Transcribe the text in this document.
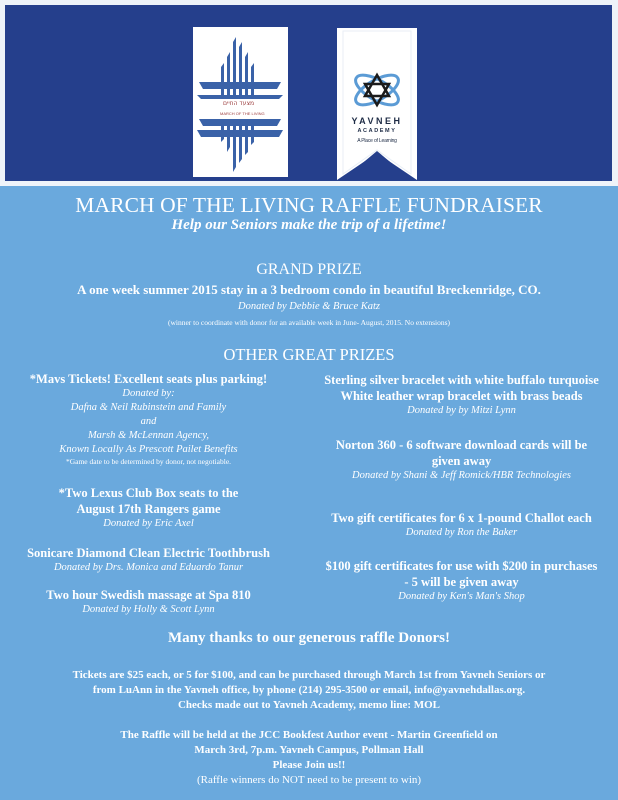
מצעד החיים
MARCH OF THE LIVING
YAVNEH
ACADEMY
A Place of Learning
MARCH OF THE LIVING RAFFLE FUNDRAISER
Help our Seniors make the trip of a lifetime!
GRAND PRIZE
A one week summer 2015 stay in a 3 bedroom condo in beautiful Breckenridge, CO.
Donated by Debbie & Bruce Katz
(winner to coordinate with donor for an available week in June- August, 2015. No extensions)
OTHER GREAT PRIZES
*Mavs Tickets! Excellent seats plus parking!
Donated by:
Dafna & Neil Rubinstein and Family
and
Marsh & McLennan Agency,
Known Locally As Prescott Pailet Benefits
*Game date to be determined by donor, not negotiable.
*Two Lexus Club Box seats to the
August 17th Rangers game
Donated by Eric Axel
Sonicare Diamond Clean Electric Toothbrush
Donated by Drs. Monica and Eduardo Tanur
Two hour Swedish massage at Spa 810
Donated by Holly & Scott Lynn
Sterling silver bracelet with white buffalo turquoise
White leather wrap bracelet with brass beads
Donated by by Mitzi Lynn
Norton 360 - 6 software download cards will be
given away
Donated by Shani & Jeff Romick/HBR Technologies
Two gift certificates for 6 x 1-pound Challot each
Donated by Ron the Baker
$100 gift certificates for use with $200 in purchases
- 5 will be given away
Donated by Ken's Man's Shop
Many thanks to our generous raffle Donors!
Tickets are $25 each, or 5 for $100, and can be purchased through March 1st from Yavneh Seniors or
from LuAnn in the Yavneh office, by phone (214) 295-3500 or email, info@yavnehdallas.org.
Checks made out to Yavneh Academy, memo line: MOL
The Raffle will be held at the JCC Bookfest Author event - Martin Greenfield on
March 3rd, 7p.m. Yavneh Campus, Pollman Hall
Please Join us!!
(Raffle winners do NOT need to be present to win)
